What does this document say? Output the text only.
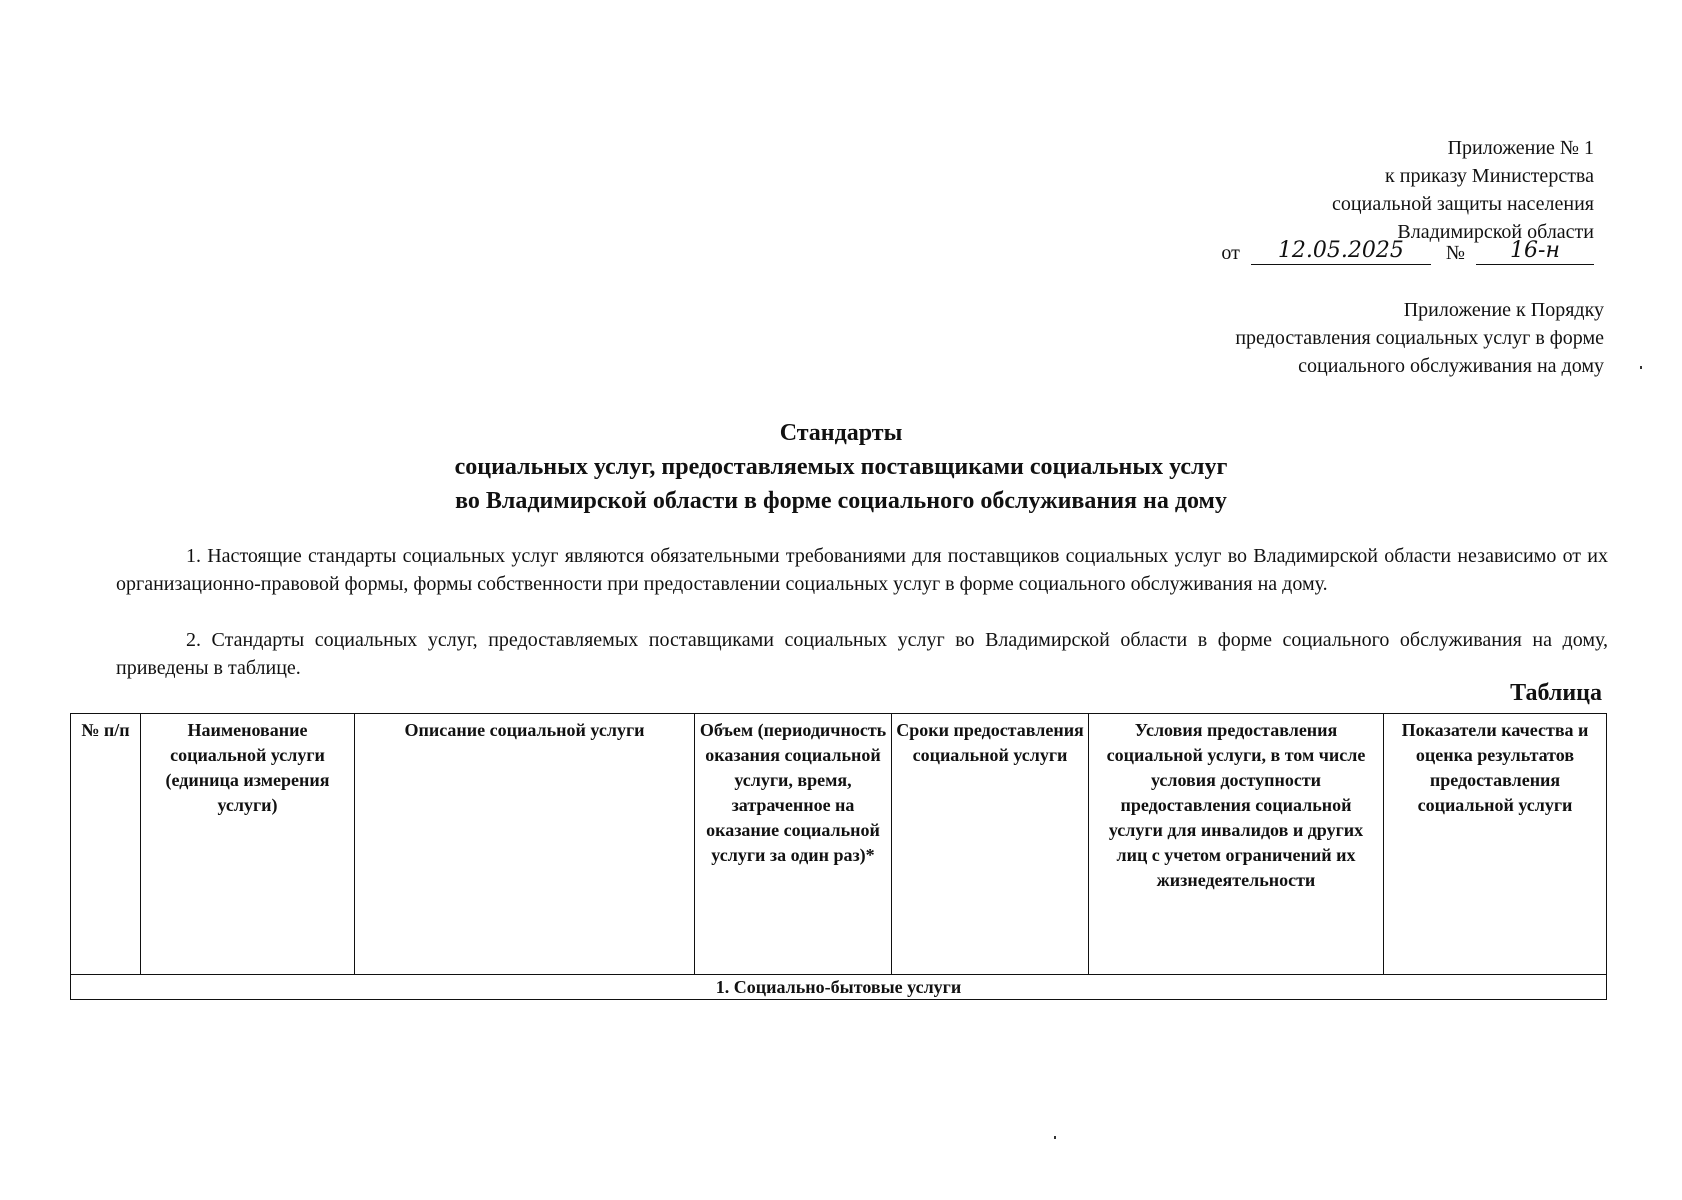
Приложение № 1
к приказу Министерства
социальной защиты населения
Владимирской области
от 12.05.2025 № 16-н
Приложение к Порядку
предоставления социальных услуг в форме
социального обслуживания на дому
Стандарты
социальных услуг, предоставляемых поставщиками социальных услуг
во Владимирской области в форме социального обслуживания на дому
1. Настоящие стандарты социальных услуг являются обязательными требованиями для поставщиков социальных услуг во Владимирской области независимо от их организационно-правовой формы, формы собственности при предоставлении социальных услуг в форме социального обслуживания на дому.
2. Стандарты социальных услуг, предоставляемых поставщиками социальных услуг во Владимирской области в форме социального обслуживания на дому, приведены в таблице.
Таблица
№ п/п	Наименование социальной услуги (единица измерения услуги)	Описание социальной услуги	Объем (периодичность оказания социальной услуги, время, затраченное на оказание социальной услуги за один раз)*	Сроки предоставления социальной услуги	Условия предоставления социальной услуги, в том числе условия доступности предоставления социальной услуги для инвалидов и других лиц с учетом ограничений их жизнедеятельности	Показатели качества и оценка результатов предоставления социальной услуги
1. Социально-бытовые услуги
